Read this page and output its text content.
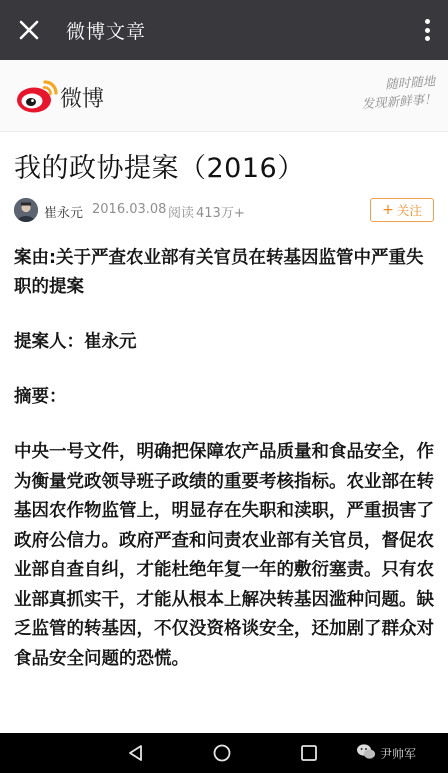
微博文章
微博
随时随地
发现新鲜事！
我的政协提案（2016）
崔永元 2016.03.08 阅读 413万+	+ 关注
案由:关于严查农业部有关官员在转基因监管中严重失职的提案
提案人：崔永元
摘要：
中央一号文件，明确把保障农产品质量和食品安全，作为衡量党政领导班子政绩的重要考核指标。农业部在转基因农作物监管上，明显存在失职和渎职，严重损害了政府公信力。政府严查和问责农业部有关官员，督促农业部自查自纠，才能杜绝年复一年的敷衍塞责。只有农业部真抓实干，才能从根本上解决转基因滥种问题。缺乏监管的转基因，不仅没资格谈安全，还加剧了群众对食品安全问题的恐慌。
尹帅军
